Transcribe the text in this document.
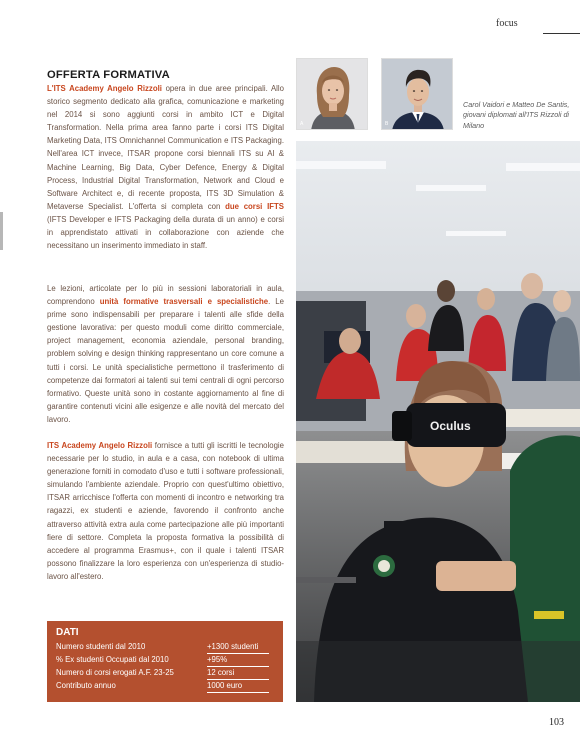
focus
OFFERTA FORMATIVA

L'ITS Academy Angelo Rizzoli opera in due aree principali. Allo storico segmento dedicato alla grafica, comunicazione e marketing nel 2014 si sono aggiunti corsi in ambito ICT e Digital Transformation. Nella prima area fanno parte i corsi ITS Digital Marketing Data, ITS Omnichannel Communication e ITS Packaging. Nell'area ICT invece, ITSAR propone corsi biennali ITS su AI & Machine Learning, Big Data, Cyber Defence, Energy & Digital Process, Industrial Digital Transformation, Network and Cloud e Software Architect e, di recente proposta, ITS 3D Simulation & Metaverse Specialist. L'offerta si completa con due corsi IFTS (IFTS Developer e IFTS Packaging della durata di un anno) e corsi in apprendistato attivati in collaborazione con aziende che necessitano un inserimento immediato in staff.

Le lezioni, articolate per lo più in sessioni laboratoriali in aula, comprendono unità formative trasversali e specialistiche. Le prime sono indispensabili per preparare i talenti alle sfide della gestione lavorativa: per questo moduli come diritto commerciale, project management, economia aziendale, personal branding, problem solving e design thinking rappresentano un core comune a tutti i corsi. Le unità specialistiche permettono il trasferimento di competenze dai formatori ai talenti sui temi centrali di ogni percorso formativo. Queste unità sono in costante aggiornamento al fine di garantire contenuti vicini alle esigenze e alle novità del mercato del lavoro.

ITS Academy Angelo Rizzoli fornisce a tutti gli iscritti le tecnologie necessarie per lo studio, in aula e a casa, con notebook di ultima generazione forniti in comodato d'uso e tutti i software professionali, simulando l'ambiente aziendale. Proprio con quest'ultimo obiettivo, ITSAR arricchisce l'offerta con momenti di incontro e networking tra ragazzi, ex studenti e aziende, favorendo il confronto anche attraverso attività extra aula come partecipazione alle più importanti fiere di settore. Completa la proposta formativa la possibilità di accedere al programma Erasmus+, con il quale i talenti ITSAR possono finalizzare la loro esperienza con un'esperienza di studio-lavoro all'estero.

A	B
Carol Vaidori e Matteo De Santis, giovani diplomati all'ITS Rizzoli di Milano
Oculus
DATI
Numero studenti dal 2010	+1300 studenti
% Ex studenti Occupati dal 2010	+95%
Numero di corsi erogati A.F. 23-25	12 corsi
Contributo annuo	1000 euro
103
